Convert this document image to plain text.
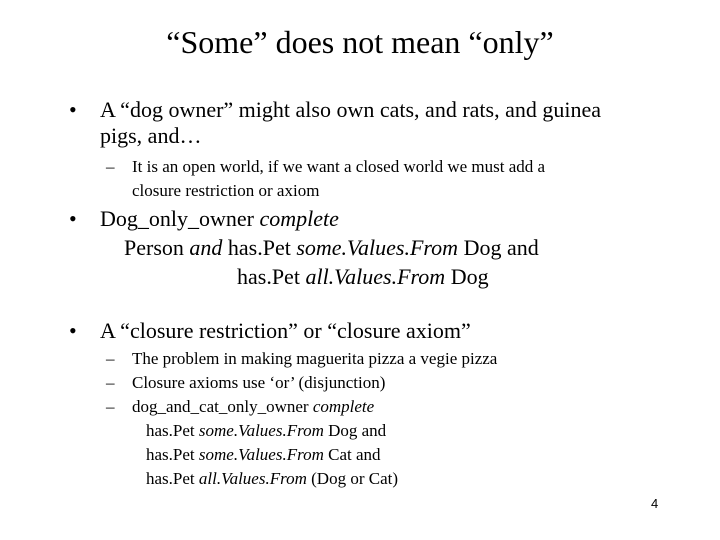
“Some” does not mean “only”
• A “dog owner” might also own cats, and rats, and guinea
pigs, and…
– It is an open world, if we want a closed world we must add a
closure restriction or axiom
• Dog_only_owner complete
Person and has.Pet some.Values.From Dog and
has.Pet all.Values.From Dog
• A “closure restriction” or “closure axiom”
– The problem in making maguerita pizza a vegie pizza
– Closure axioms use ‘or’ (disjunction)
– dog_and_cat_only_owner complete
has.Pet some.Values.From Dog and
has.Pet some.Values.From Cat and
has.Pet all.Values.From (Dog or Cat)
4
